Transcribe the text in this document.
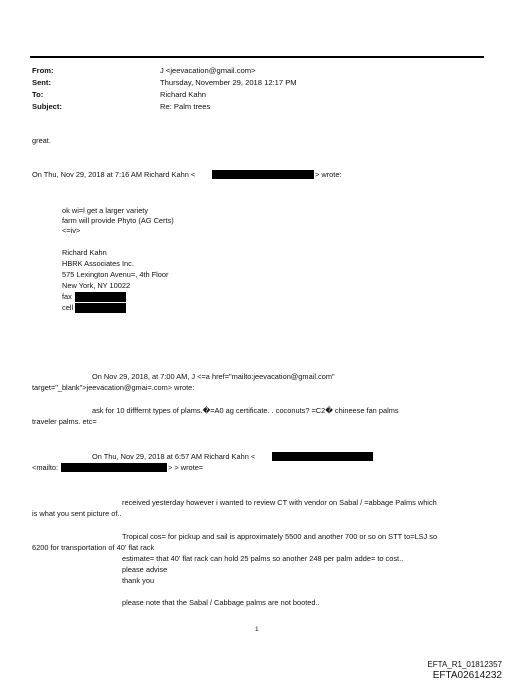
From:	J <jeevacation@gmail.com>
Sent:	Thursday, November 29, 2018 12:17 PM
To:	Richard Kahn
Subject:	Re: Palm trees
great.
On Thu, Nov 29, 2018 at 7:16 AM Richard Kahn <	> wrote:
ok wi=l get a larger variety
farm will provide Phyto (AG Certs)
<=iv>
Richard Kahn
HBRK Associates Inc.
575 Lexington Avenu=, 4th Floor
New York, NY 10022
fax
cell
On Nov 29, 2018, at 7:00 AM, J <=a href="mailto:jeevacation@gmail.com"
target="_blank">jeevacation@gmai=.com> wrote:
ask for 10 difffernt types of plams.�=A0 ag certificate. . coconuts? =C2� chineese fan palms
traveler palms. etc=
On Thu, Nov 29, 2018 at 6:57 AM Richard Kahn <
<mailto:	> > wrote=
received yesterday however i wanted to review CT with vendor on Sabal / =abbage Palms which
is what you sent picture of..
Tropical cos= for pickup and sail is approximately 5500 and another 700 or so on STT to=LSJ so
6200 for transportation of 40' flat rack
estimate= that 40' flat rack can hold 25 palms so another 248 per palm adde= to cost..
please advise
thank you
please note that the Sabal / Cabbage palms are not booted..
1
EFTA_R1_01812357
EFTA02614232
